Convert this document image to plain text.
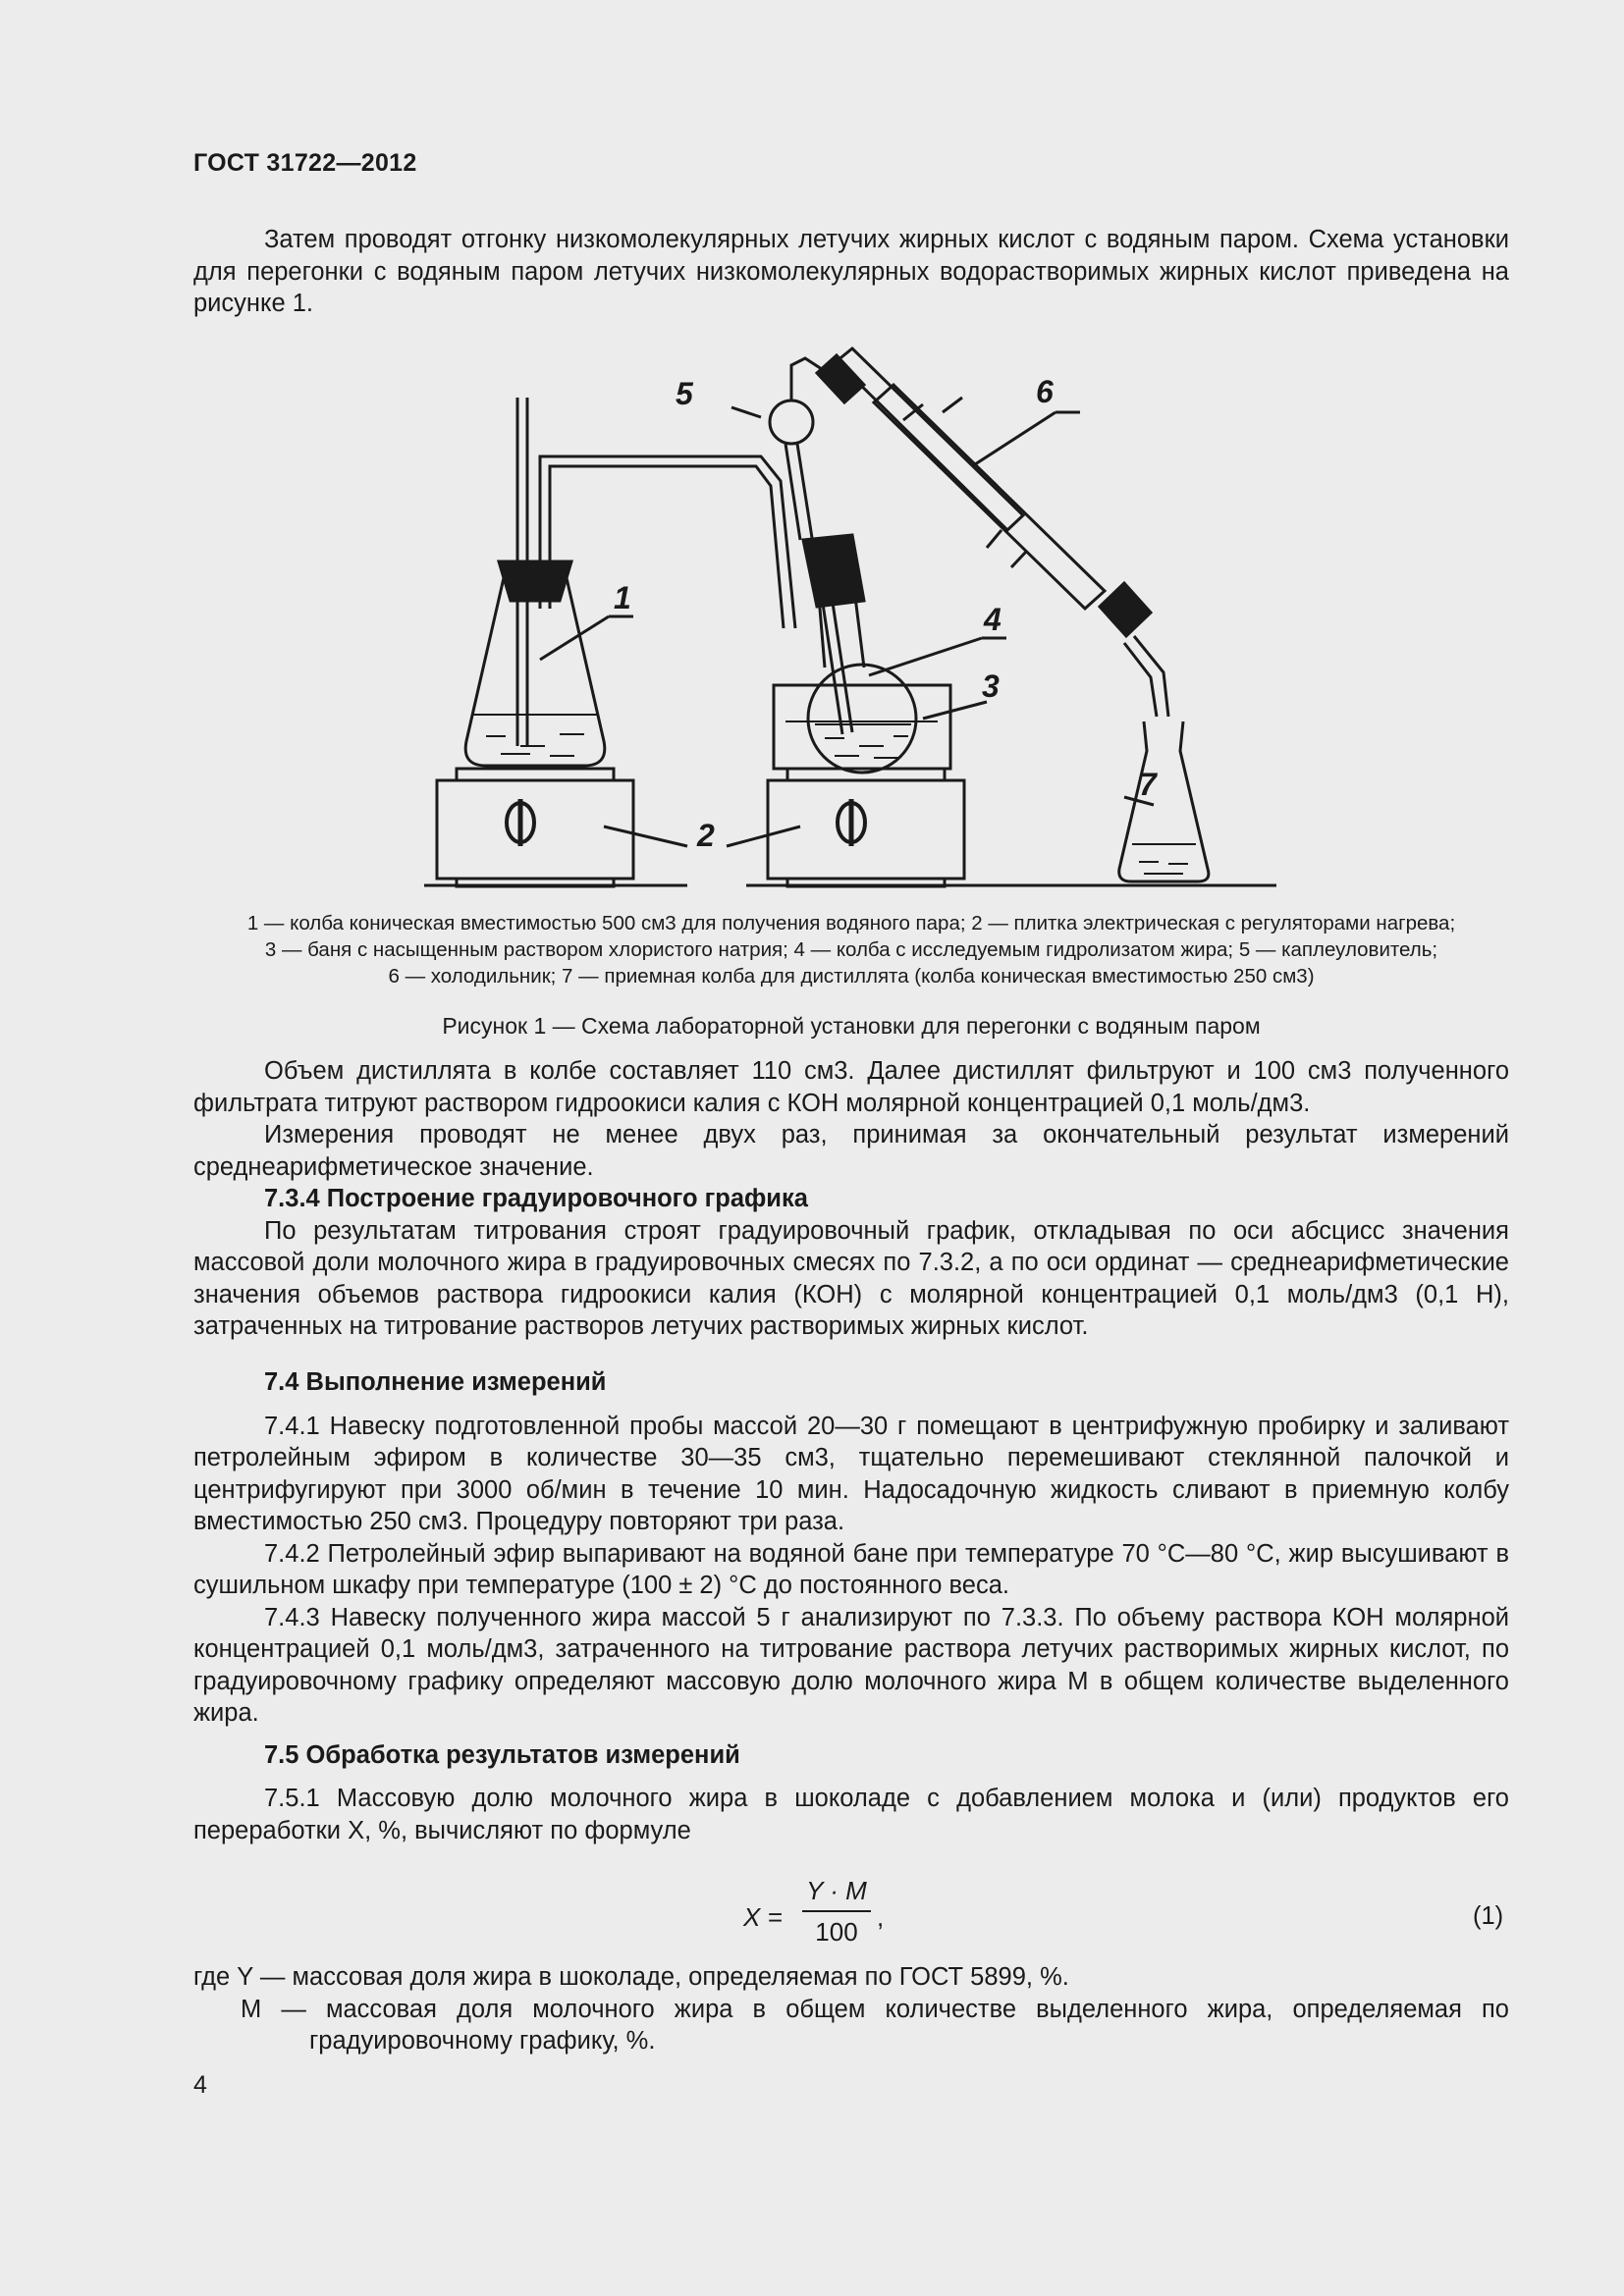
ГОСТ 31722—2012

Затем проводят отгонку низкомолекулярных летучих жирных кислот с водяным паром. Схема установки для перегонки с водяным паром летучих низкомолекулярных водорастворимых жирных кислот приведена на рисунке 1.

1
2
3
4
5	6
7
1 — колба коническая вместимостью 500 см3 для получения водяного пара; 2 — плитка электрическая с регуляторами нагрева;
3 — баня с насыщенным раствором хлористого натрия; 4 — колба с исследуемым гидролизатом жира; 5 — каплеуловитель;
6 — холодильник; 7 — приемная колба для дистиллята (колба коническая вместимостью 250 см3)
Рисунок 1 — Схема лабораторной установки для перегонки с водяным паром

Объем дистиллята в колбе составляет 110 см3. Далее дистиллят фильтруют и 100 см3 полученного фильтрата титруют раствором гидроокиси калия с КОН молярной концентрацией 0,1 моль/дм3.

Измерения проводят не менее двух раз, принимая за окончательный результат измерений среднеарифметическое значение.

7.3.4 Построение градуировочного графика

По результатам титрования строят градуировочный график, откладывая по оси абсцисс значения массовой доли молочного жира в градуировочных смесях по 7.3.2, а по оси ординат — среднеарифметические значения объемов раствора гидроокиси калия (КОН) с молярной концентрацией 0,1 моль/дм3 (0,1 Н), затраченных на титрование растворов летучих растворимых жирных кислот.

7.4 Выполнение измерений

7.4.1 Навеску подготовленной пробы массой 20—30 г помещают в центрифужную пробирку и заливают петролейным эфиром в количестве 30—35 см3, тщательно перемешивают стеклянной палочкой и центрифугируют при 3000 об/мин в течение 10 мин. Надосадочную жидкость сливают в приемную колбу вместимостью 250 см3. Процедуру повторяют три раза.

7.4.2 Петролейный эфир выпаривают на водяной бане при температуре 70 °С—80 °С, жир высушивают в сушильном шкафу при температуре (100 ± 2) °С до постоянного веса.

7.4.3 Навеску полученного жира массой 5 г анализируют по 7.3.3. По объему раствора КОН молярной концентрацией 0,1 моль/дм3, затраченного на титрование раствора летучих растворимых жирных кислот, по градуировочному графику определяют массовую долю молочного жира М в общем количестве выделенного жира.

7.5 Обработка результатов измерений

7.5.1 Массовую долю молочного жира в шоколаде с добавлением молока и (или) продуктов его переработки X, %, вычисляют по формуле

X =
Y · M
100 ,	(1)
где Y — массовая доля жира в шоколаде, определяемая по ГОСТ 5899, %.
M — массовая доля молочного жира в общем количестве выделенного жира, определяемая по градуировочному графику, %.
4
